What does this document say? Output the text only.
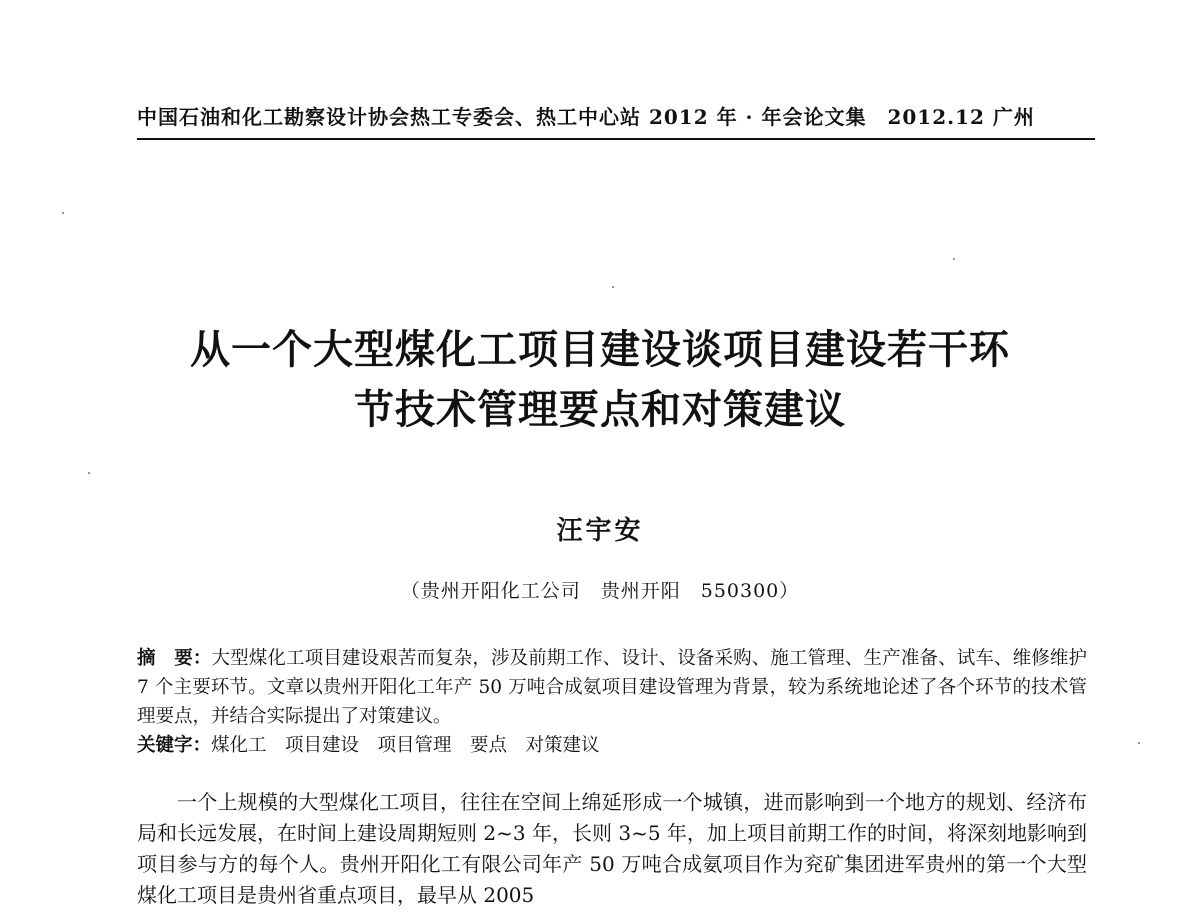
中国石油和化工勘察设计协会热工专委会、热工中心站 2012 年 · 年会论文集　2012.12 广州
从一个大型煤化工项目建设谈项目建设若干环
节技术管理要点和对策建议
汪宇安
（贵州开阳化工公司　贵州开阳　550300）
摘　要：大型煤化工项目建设艰苦而复杂，涉及前期工作、设计、设备采购、施工管理、生产准备、试车、维修维护 7 个主要环节。文章以贵州开阳化工年产 50 万吨合成氨项目建设管理为背景，较为系统地论述了各个环节的技术管理要点，并结合实际提出了对策建议。
关键字：煤化工　项目建设　项目管理　要点　对策建议

一个上规模的大型煤化工项目，往往在空间上绵延形成一个城镇，进而影响到一个地方的规划、经济布局和长远发展，在时间上建设周期短则 2~3 年，长则 3~5 年，加上项目前期工作的时间，将深刻地影响到项目参与方的每个人。贵州开阳化工有限公司年产 50 万吨合成氨项目作为兖矿集团进军贵州的第一个大型煤化工项目是贵州省重点项目，最早从 2005
